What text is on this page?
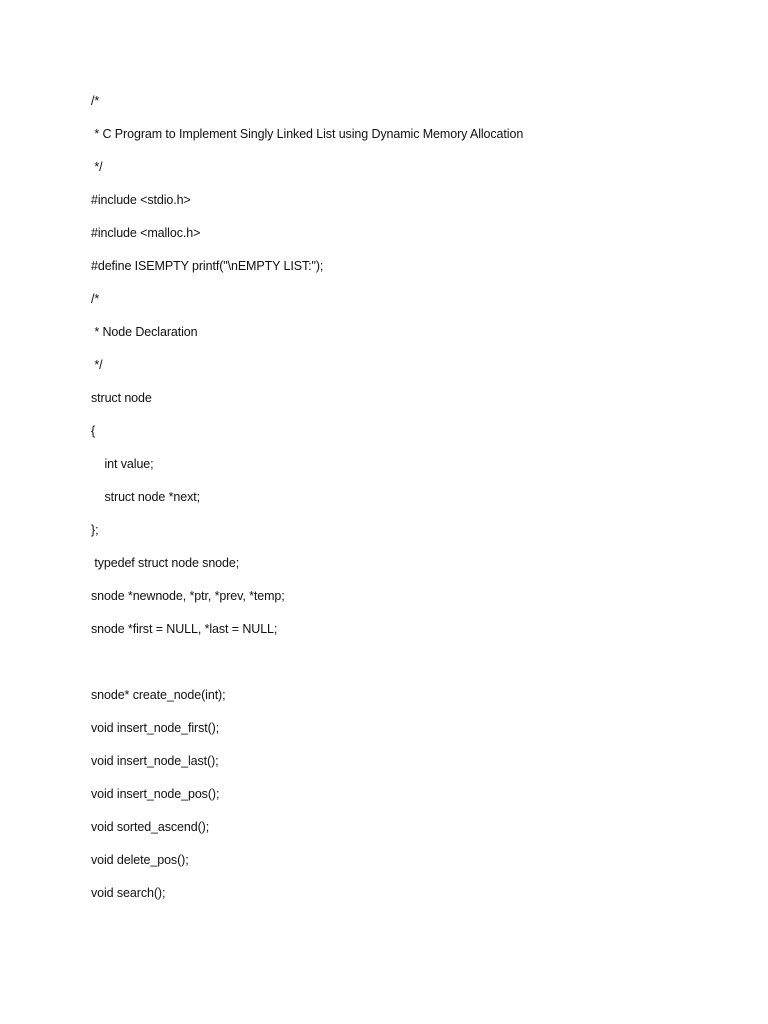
/*
* C Program to Implement Singly Linked List using Dynamic Memory Allocation
*/
#include <stdio.h>
#include <malloc.h>
#define ISEMPTY printf("\nEMPTY LIST:");
/*
* Node Declaration
*/
struct node
{
int value;
struct node *next;
};
typedef struct node snode;
snode *newnode, *ptr, *prev, *temp;
snode *first = NULL, *last = NULL;
snode* create_node(int);
void insert_node_first();
void insert_node_last();
void insert_node_pos();
void sorted_ascend();
void delete_pos();
void search();
